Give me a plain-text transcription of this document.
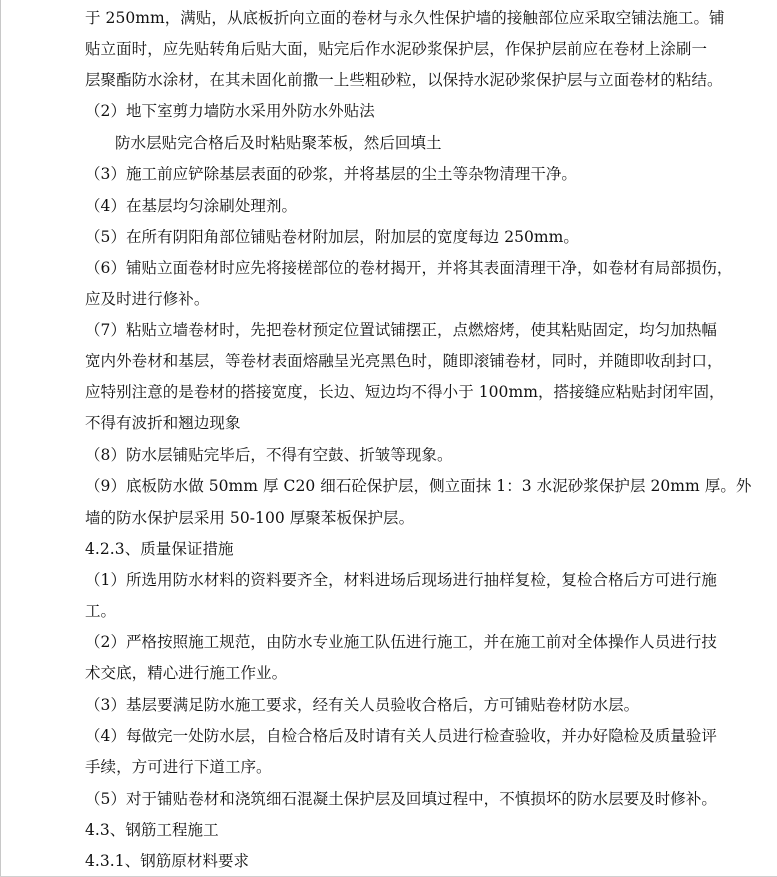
于 250mm，满贴，从底板折向立面的卷材与永久性保护墙的接触部位应采取空铺法施工。铺
贴立面时，应先贴转角后贴大面，贴完后作水泥砂浆保护层，作保护层前应在卷材上涂刷一
层聚酯防水涂材，在其未固化前撒一上些粗砂粒，以保持水泥砂浆保护层与立面卷材的粘结。
（2）地下室剪力墙防水采用外防水外贴法
防水层贴完合格后及时粘贴聚苯板，然后回填土
（3）施工前应铲除基层表面的砂浆，并将基层的尘土等杂物清理干净。
（4）在基层均匀涂刷处理剂。
（5）在所有阴阳角部位铺贴卷材附加层，附加层的宽度每边 250mm。
（6）铺贴立面卷材时应先将接槎部位的卷材揭开，并将其表面清理干净，如卷材有局部损伤，
应及时进行修补。
（7）粘贴立墙卷材时，先把卷材预定位置试铺摆正，点燃熔烤，使其粘贴固定，均匀加热幅
宽内外卷材和基层，等卷材表面熔融呈光亮黑色时，随即滚铺卷材，同时，并随即收刮封口，
应特别注意的是卷材的搭接宽度，长边、短边均不得小于 100mm，搭接缝应粘贴封闭牢固，
不得有波折和翘边现象
（8）防水层铺贴完毕后，不得有空鼓、折皱等现象。
（9）底板防水做 50mm 厚 C20 细石砼保护层，侧立面抹 1：3 水泥砂浆保护层 20mm 厚。外
墙的防水保护层采用 50-100 厚聚苯板保护层。
4.2.3、质量保证措施
（1）所选用防水材料的资料要齐全，材料进场后现场进行抽样复检，复检合格后方可进行施
工。
（2）严格按照施工规范，由防水专业施工队伍进行施工，并在施工前对全体操作人员进行技
术交底，精心进行施工作业。
（3）基层要满足防水施工要求，经有关人员验收合格后，方可铺贴卷材防水层。
（4）每做完一处防水层，自检合格后及时请有关人员进行检查验收，并办好隐检及质量验评
手续，方可进行下道工序。
（5）对于铺贴卷材和浇筑细石混凝土保护层及回填过程中，不慎损坏的防水层要及时修补。
4.3、钢筋工程施工
4.3.1、钢筋原材料要求
